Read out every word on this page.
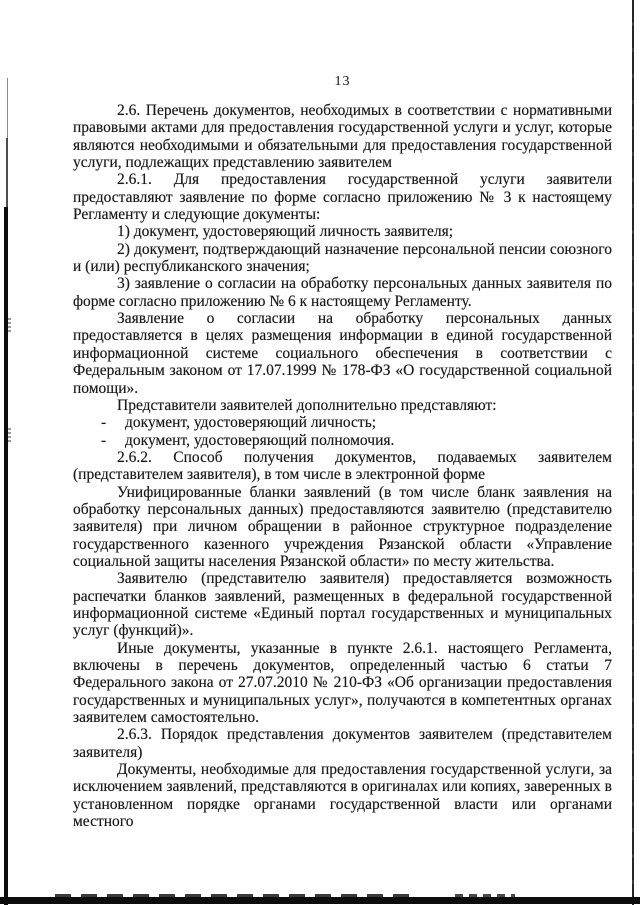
13

2.6. Перечень документов, необходимых в соответствии с нормативными правовыми актами для предоставления государственной услуги и услуг, которые являются необходимыми и обязательными для предоставления государственной услуги, подлежащих представлению заявителем

2.6.1. Для предоставления государственной услуги заявители предоставляют заявление по форме согласно приложению № 3 к настоящему Регламенту и следующие документы:

1) документ, удостоверяющий личность заявителя;

2) документ, подтверждающий назначение персональной пенсии союзного и (или) республиканского значения;

3) заявление о согласии на обработку персональных данных заявителя по форме согласно приложению № 6 к настоящему Регламенту.

Заявление о согласии на обработку персональных данных предоставляется в целях размещения информации в единой государственной информационной системе социального обеспечения в соответствии с Федеральным законом от 17.07.1999 № 178-ФЗ «О государственной социальной помощи».

Представители заявителей дополнительно представляют:

- документ, удостоверяющий личность;

- документ, удостоверяющий полномочия.

2.6.2. Способ получения документов, подаваемых заявителем (представителем заявителя), в том числе в электронной форме

Унифицированные бланки заявлений (в том числе бланк заявления на обработку персональных данных) предоставляются заявителю (представителю заявителя) при личном обращении в районное структурное подразделение государственного казенного учреждения Рязанской области «Управление социальной защиты населения Рязанской области» по месту жительства.

Заявителю (представителю заявителя) предоставляется возможность распечатки бланков заявлений, размещенных в федеральной государственной информационной системе «Единый портал государственных и муниципальных услуг (функций)».

Иные документы, указанные в пункте 2.6.1. настоящего Регламента, включены в перечень документов, определенный частью 6 статьи 7 Федерального закона от 27.07.2010 № 210-ФЗ «Об организации предоставления государственных и муниципальных услуг», получаются в компетентных органах заявителем самостоятельно.

2.6.3. Порядок представления документов заявителем (представителем заявителя)

Документы, необходимые для предоставления государственной услуги, за исключением заявлений, представляются в оригиналах или копиях, заверенных в установленном порядке органами государственной власти или органами местного
